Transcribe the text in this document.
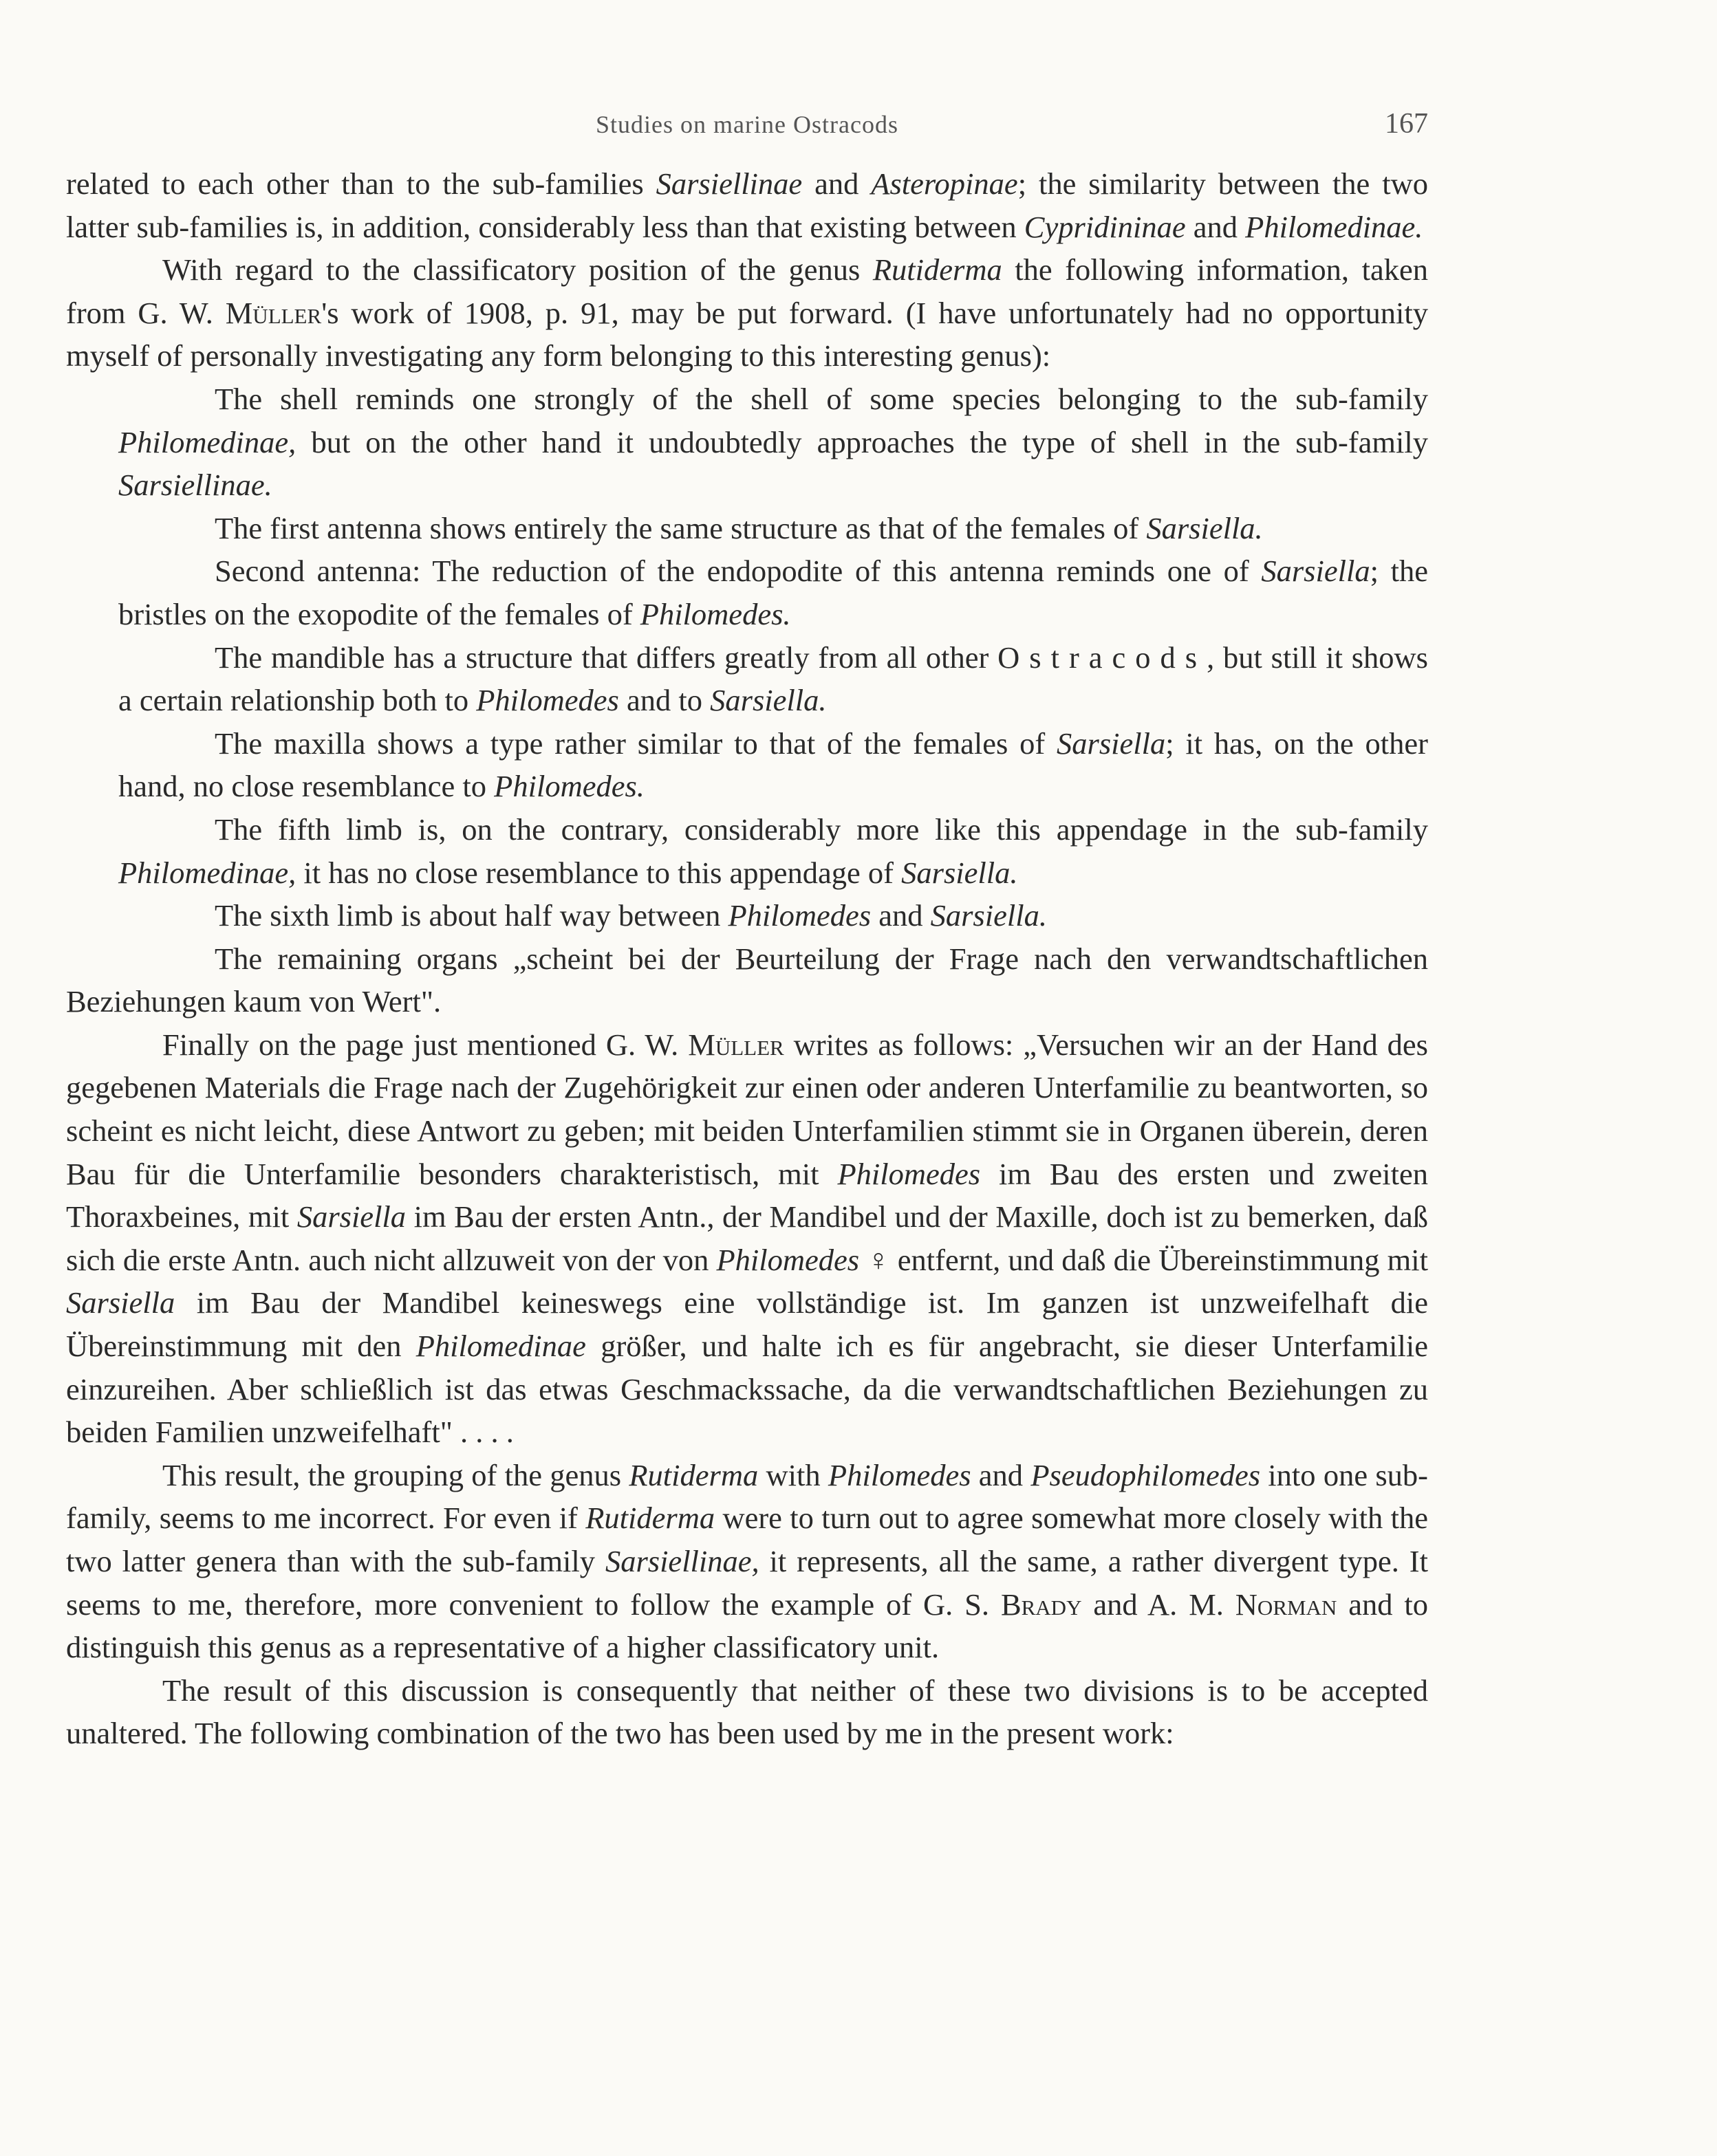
Studies on marine Ostracods	167

related to each other than to the sub-families Sarsiellinae and Asteropinae; the similarity between the two latter sub-families is, in addition, considerably less than that existing between Cypridininae and Philomedinae.

With regard to the classificatory position of the genus Rutiderma the following information, taken from G. W. Müller's work of 1908, p. 91, may be put forward. (I have unfortunately had no opportunity myself of personally investigating any form belonging to this interesting genus):

The shell reminds one strongly of the shell of some species belonging to the sub-family Philomedinae, but on the other hand it undoubtedly approaches the type of shell in the sub-family Sarsiellinae.

The first antenna shows entirely the same structure as that of the females of Sarsiella.

Second antenna: The reduction of the endopodite of this antenna reminds one of Sarsiella; the bristles on the exopodite of the females of Philomedes.

The mandible has a structure that differs greatly from all other Ostracods, but still it shows a certain relationship both to Philomedes and to Sarsiella.

The maxilla shows a type rather similar to that of the females of Sarsiella; it has, on the other hand, no close resemblance to Philomedes.

The fifth limb is, on the contrary, considerably more like this appendage in the sub-family Philomedinae, it has no close resemblance to this appendage of Sarsiella.

The sixth limb is about half way between Philomedes and Sarsiella.

The remaining organs „scheint bei der Beurteilung der Frage nach den verwandtschaftlichen Beziehungen kaum von Wert".

Finally on the page just mentioned G. W. Müller writes as follows: „Versuchen wir an der Hand des gegebenen Materials die Frage nach der Zugehörigkeit zur einen oder anderen Unterfamilie zu beantworten, so scheint es nicht leicht, diese Antwort zu geben; mit beiden Unterfamilien stimmt sie in Organen überein, deren Bau für die Unterfamilie besonders charakteristisch, mit Philomedes im Bau des ersten und zweiten Thoraxbeines, mit Sarsiella im Bau der ersten Antn., der Mandibel und der Maxille, doch ist zu bemerken, daß sich die erste Antn. auch nicht allzuweit von der von Philomedes ♀ entfernt, und daß die Übereinstimmung mit Sarsiella im Bau der Mandibel keineswegs eine vollständige ist. Im ganzen ist unzweifelhaft die Übereinstimmung mit den Philomedinae größer, und halte ich es für angebracht, sie dieser Unterfamilie einzureihen. Aber schließlich ist das etwas Geschmackssache, da die verwandtschaftlichen Beziehungen zu beiden Familien unzweifelhaft" . . . .

This result, the grouping of the genus Rutiderma with Philomedes and Pseudophilomedes into one sub-family, seems to me incorrect. For even if Rutiderma were to turn out to agree somewhat more closely with the two latter genera than with the sub-family Sarsiellinae, it represents, all the same, a rather divergent type. It seems to me, therefore, more convenient to follow the example of G. S. Brady and A. M. Norman and to distinguish this genus as a representative of a higher classificatory unit.

The result of this discussion is consequently that neither of these two divisions is to be accepted unaltered. The following combination of the two has been used by me in the present work:
